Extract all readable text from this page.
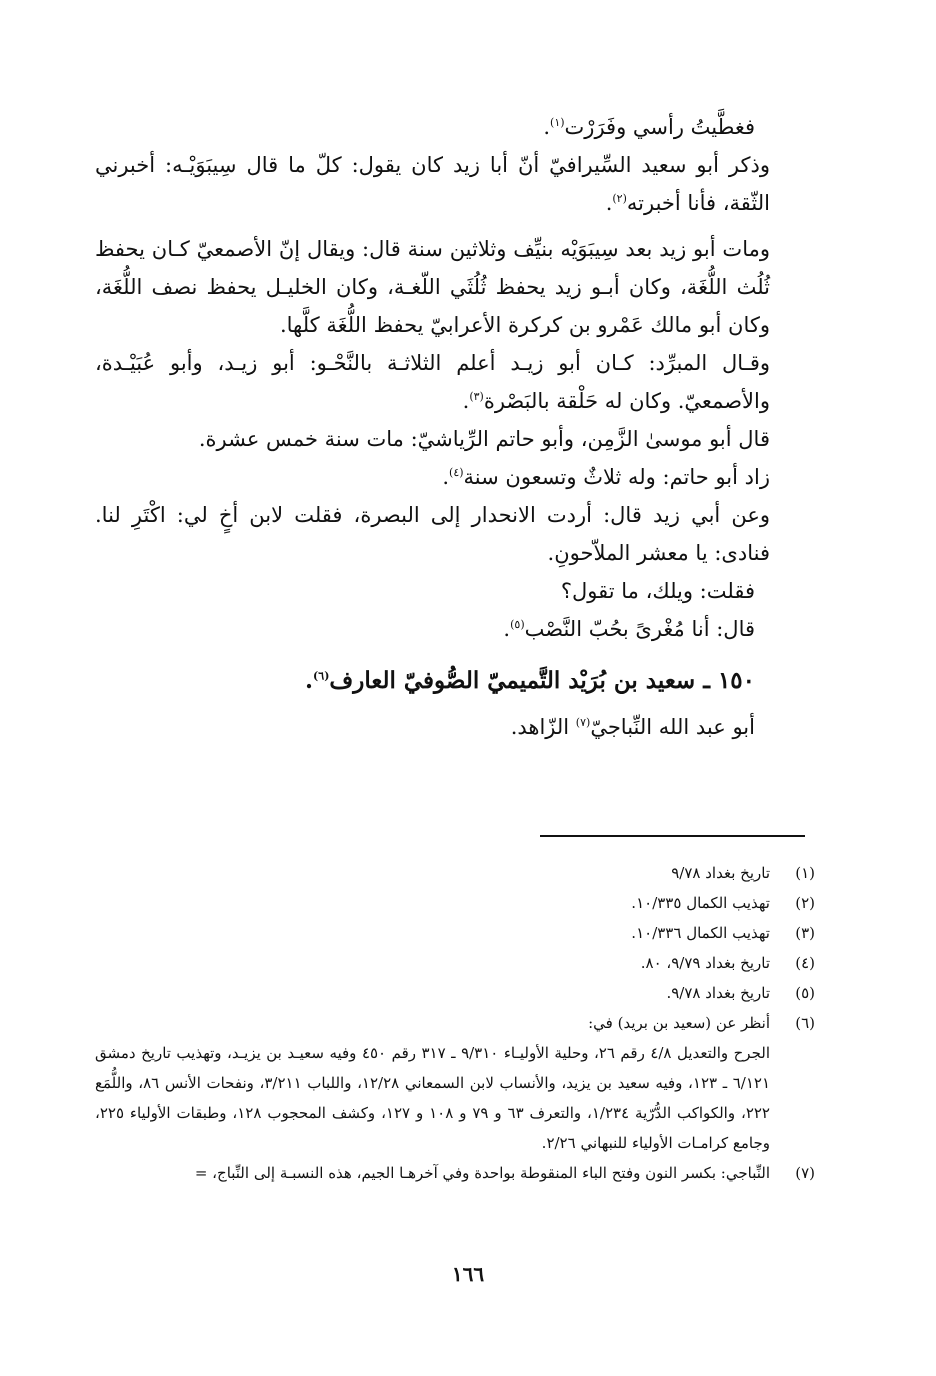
فغطَّيتُ رأسي وفَرَرْت$^{(١)}$.

وذكر أبو سعيد السِّيرافيّ أنّ أبا زيد كان يقول: كلّ ما قال سِيبَوَيْـه: أخبرني الثّقة، فأنا أخبرته$^{(٢)}$.

ومات أبو زيد بعد سِيبَوَيْه بنيِّف وثلاثين سنة قال: ويقال إنّ الأصمعيّ كـان يحفظ ثُلُث اللُّغَة، وكان أبـو زيد يحفظ ثُلُثَي اللّغـة، وكان الخليـل يحفظ نصف اللُّغَة، وكان أبو مالك عَمْرو بن كركرة الأعرابيّ يحفظ اللُّغَة كلَّها.

وقـال المبرِّد: كـان أبو زيـد أعلم الثلاثـة بالنَّحْـو: أبو زيـد، وأبو عُبَيْـدة، والأصمعيّ. وكان له حَلْقة بالبَصْرة$^{(٣)}$.

قال أبو موسىٰ الزَّمِن، وأبو حاتم الرِّياشيّ: مات سنة خمس عشرة.

زاد أبو حاتم: وله ثلاثٌ وتسعون سنة$^{(٤)}$.

وعن أبي زيد قال: أردت الانحدار إلى البصرة، فقلت لابن أخٍ لي: اكْتَرِ لنا. فنادى: يا معشر الملاّحونِ.

فقلت: ويلك، ما تقول؟

قال: أنا مُغْرىً بحُبّ النَّصْب$^{(٥)}$.

١٥٠ ـ سعيد بن بُرَيْد التَّميميّ الصُّوفيّ العارف$^{(٦)}$.

أبو عبد الله النِّباجيّ$^{(٧)}$ الزّاهد.

(١)
تاريخ بغداد ٩/٧٨
(٢)
تهذيب الكمال ١٠/٣٣٥.
(٣)
تهذيب الكمال ١٠/٣٣٦.
(٤)
تاريخ بغداد ٩/٧٩، ٨٠.
(٥)
تاريخ بغداد ٩/٧٨.
(٦)
أنظر عن (سعيد بن بريد) في:
الجرح والتعديل ٤/٨ رقم ٢٦، وحلية الأوليـاء ٩/٣١٠ ـ ٣١٧ رقم ٤٥٠ وفيه سعيـد بن يزيـد، وتهذيب تاريخ دمشق ٦/١٢١ ـ ١٢٣، وفيه سعيد بن يزيد، والأنساب لابن السمعاني ١٢/٢٨، واللباب ٣/٢١١، ونفحات الأنس ٨٦، واللُّمَع ٢٢٢، والكواكب الدُّرّية ١/٢٣٤، والتعرف ٦٣ و ٧٩ و ١٠٨ و ١٢٧، وكشف المحجوب ١٢٨، وطبقات الأولياء ٢٢٥، وجامع كرامـات الأولياء للنبهاني ٢/٢٦.
(٧)
النِّباجي: بكسر النون وفتح الباء المنقوطة بواحدة وفي آخرهـا الجيم، هذه النسبـة إلى النِّباج، =
١٦٦
